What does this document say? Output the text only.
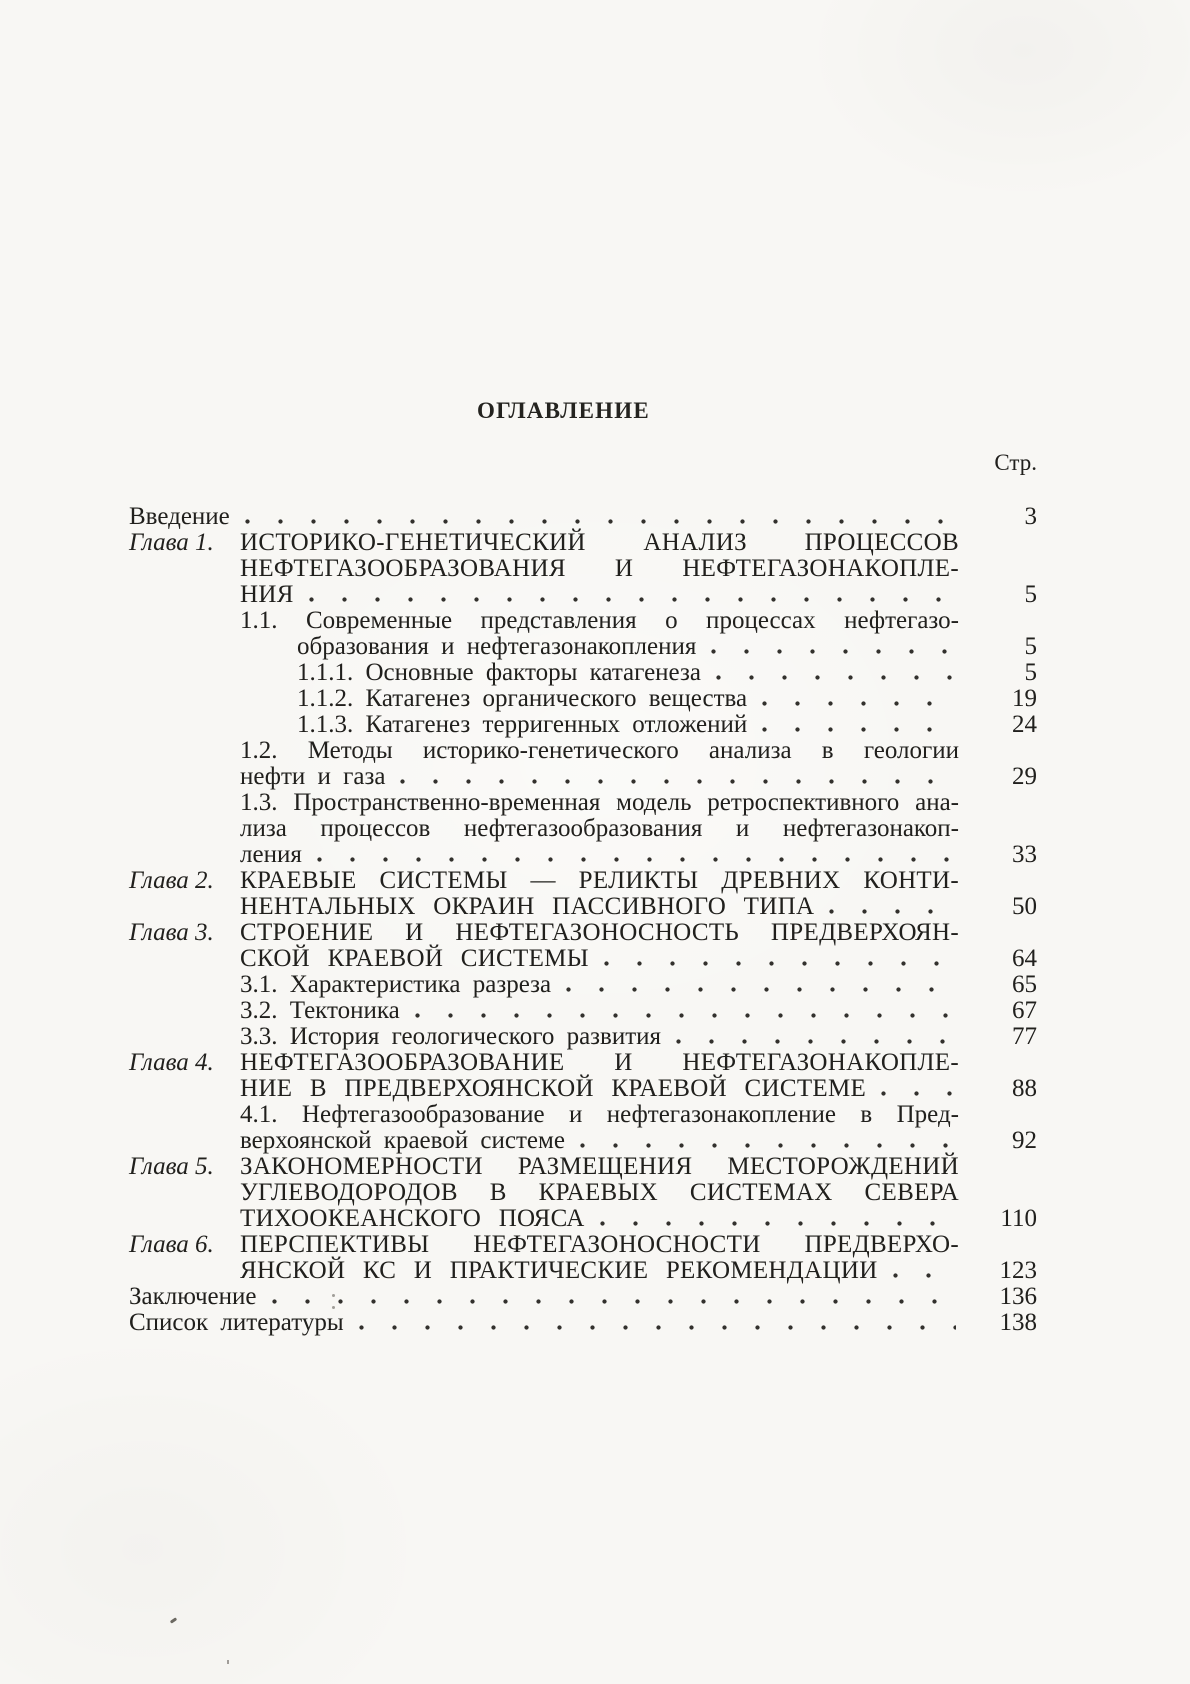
ОГЛАВЛЕНИЕ
Стр.
Введение	3
Глава 1.	ИСТОРИКО-ГЕНЕТИЧЕСКИЙ АНАЛИЗ ПРОЦЕССОВ
НЕФТЕГАЗООБРАЗОВАНИЯ И НЕФТЕГАЗОНАКОПЛЕ-
НИЯ	5
1.1. Современные представления о процессах нефтегазо-
образования и нефтегазонакопления	5
1.1.1. Основные факторы катагенеза	5
1.1.2. Катагенез органического вещества	19
1.1.3. Катагенез терригенных отложений	24
1.2. Методы историко-генетического анализа в геологии
нефти и газа	29
1.3. Пространственно-временная модель ретроспективного ана-
лиза процессов нефтегазообразования и нефтегазонакоп-
ления	33
Глава 2.	КРАЕВЫЕ СИСТЕМЫ — РЕЛИКТЫ ДРЕВНИХ КОНТИ-
НЕНТАЛЬНЫХ ОКРАИН ПАССИВНОГО ТИПА	50
Глава 3.	СТРОЕНИЕ И НЕФТЕГАЗОНОСНОСТЬ ПРЕДВЕРХОЯН-
СКОЙ КРАЕВОЙ СИСТЕМЫ	64
3.1. Характеристика разреза	65
3.2. Тектоника	67
3.3. История геологического развития	77
Глава 4.	НЕФТЕГАЗООБРАЗОВАНИЕ И НЕФТЕГАЗОНАКОПЛЕ-
НИЕ В ПРЕДВЕРХОЯНСКОЙ КРАЕВОЙ СИСТЕМЕ	88
4.1. Нефтегазообразование и нефтегазонакопление в Пред-
верхоянской краевой системе	92
Глава 5.	ЗАКОНОМЕРНОСТИ РАЗМЕЩЕНИЯ МЕСТОРОЖДЕНИЙ
УГЛЕВОДОРОДОВ В КРАЕВЫХ СИСТЕМАХ СЕВЕРА
ТИХООКЕАНСКОГО ПОЯСА	110
Глава 6.	ПЕРСПЕКТИВЫ НЕФТЕГАЗОНОСНОСТИ ПРЕДВЕРХО-
ЯНСКОЙ КС И ПРАКТИЧЕСКИЕ РЕКОМЕНДАЦИИ	123
Заключение	136
Список литературы	138
